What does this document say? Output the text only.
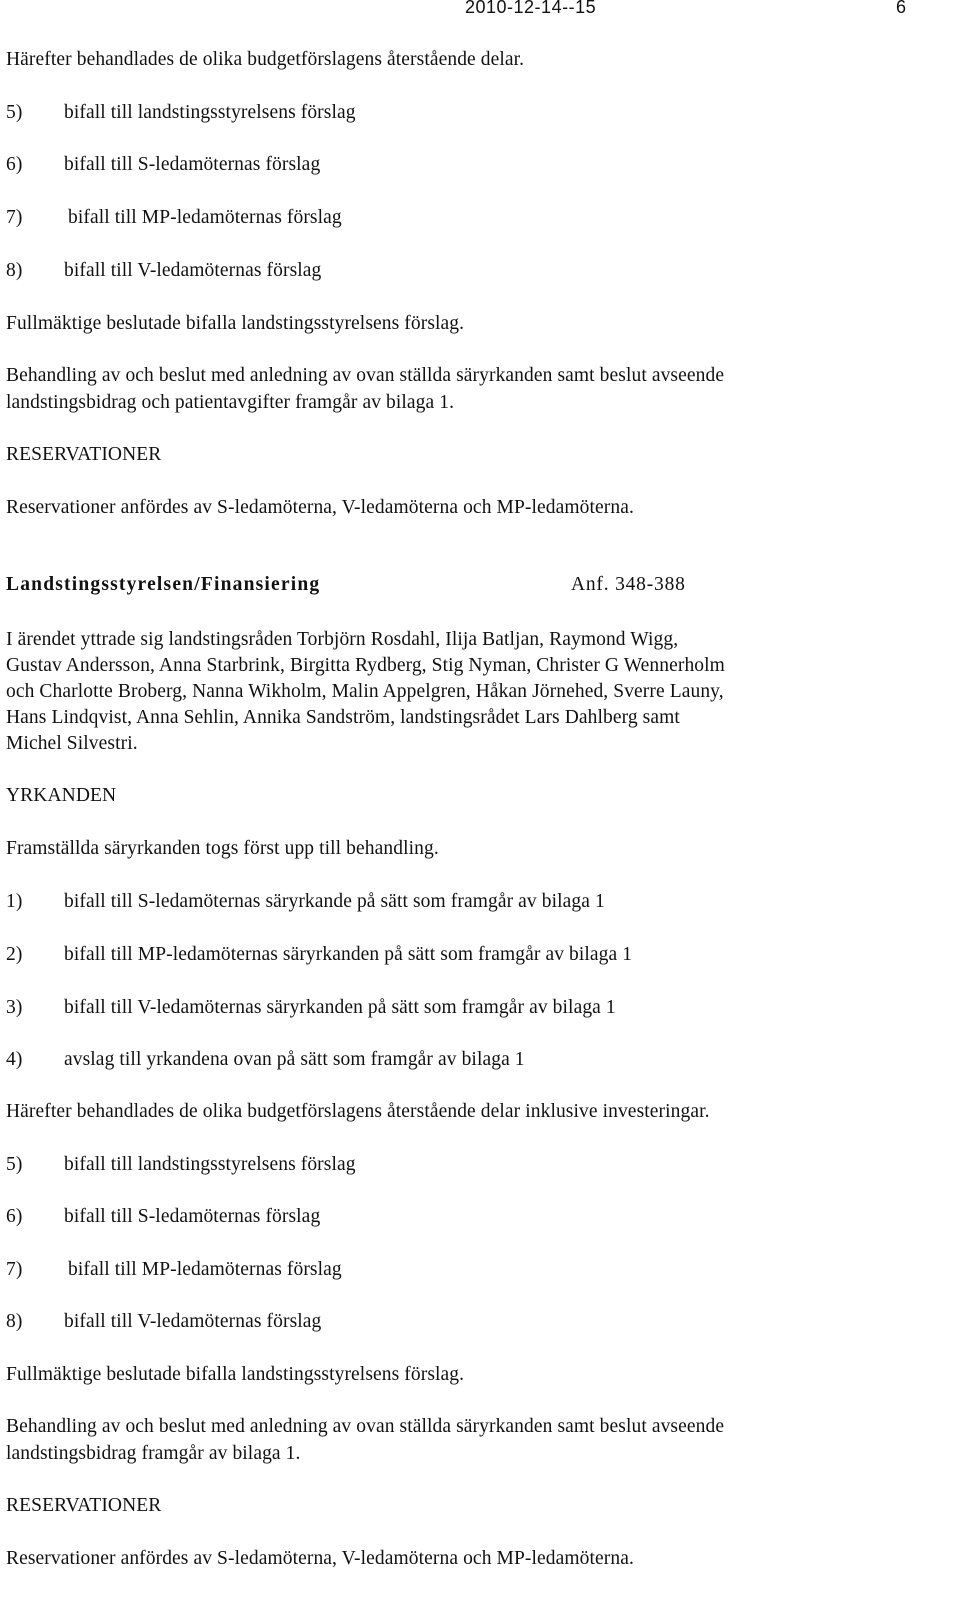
2010-12-14--15	6
Härefter behandlades de olika budgetförslagens återstående delar.
5) bifall till landstingsstyrelsens förslag
6) bifall till S-ledamöternas förslag
7) bifall till MP-ledamöternas förslag
8) bifall till V-ledamöternas förslag
Fullmäktige beslutade bifalla landstingsstyrelsens förslag.
Behandling av och beslut med anledning av ovan ställda säryrkanden samt beslut avseende
landstingsbidrag och patientavgifter framgår av bilaga 1.
RESERVATIONER
Reservationer anfördes av S-ledamöterna, V-ledamöterna och MP-ledamöterna.
Landstingsstyrelsen/Finansiering	Anf. 348-388
I ärendet yttrade sig landstingsråden Torbjörn Rosdahl, Ilija Batljan, Raymond Wigg,
Gustav Andersson, Anna Starbrink, Birgitta Rydberg, Stig Nyman, Christer G Wennerholm
och Charlotte Broberg, Nanna Wikholm, Malin Appelgren, Håkan Jörnehed, Sverre Launy,
Hans Lindqvist, Anna Sehlin, Annika Sandström, landstingsrådet Lars Dahlberg samt
Michel Silvestri.
YRKANDEN
Framställda säryrkanden togs först upp till behandling.
1) bifall till S-ledamöternas säryrkande på sätt som framgår av bilaga 1
2) bifall till MP-ledamöternas säryrkanden på sätt som framgår av bilaga 1
3) bifall till V-ledamöternas säryrkanden på sätt som framgår av bilaga 1
4) avslag till yrkandena ovan på sätt som framgår av bilaga 1
Härefter behandlades de olika budgetförslagens återstående delar inklusive investeringar.
5) bifall till landstingsstyrelsens förslag
6) bifall till S-ledamöternas förslag
7) bifall till MP-ledamöternas förslag
8) bifall till V-ledamöternas förslag
Fullmäktige beslutade bifalla landstingsstyrelsens förslag.
Behandling av och beslut med anledning av ovan ställda säryrkanden samt beslut avseende
landstingsbidrag framgår av bilaga 1.
RESERVATIONER
Reservationer anfördes av S-ledamöterna, V-ledamöterna och MP-ledamöterna.
